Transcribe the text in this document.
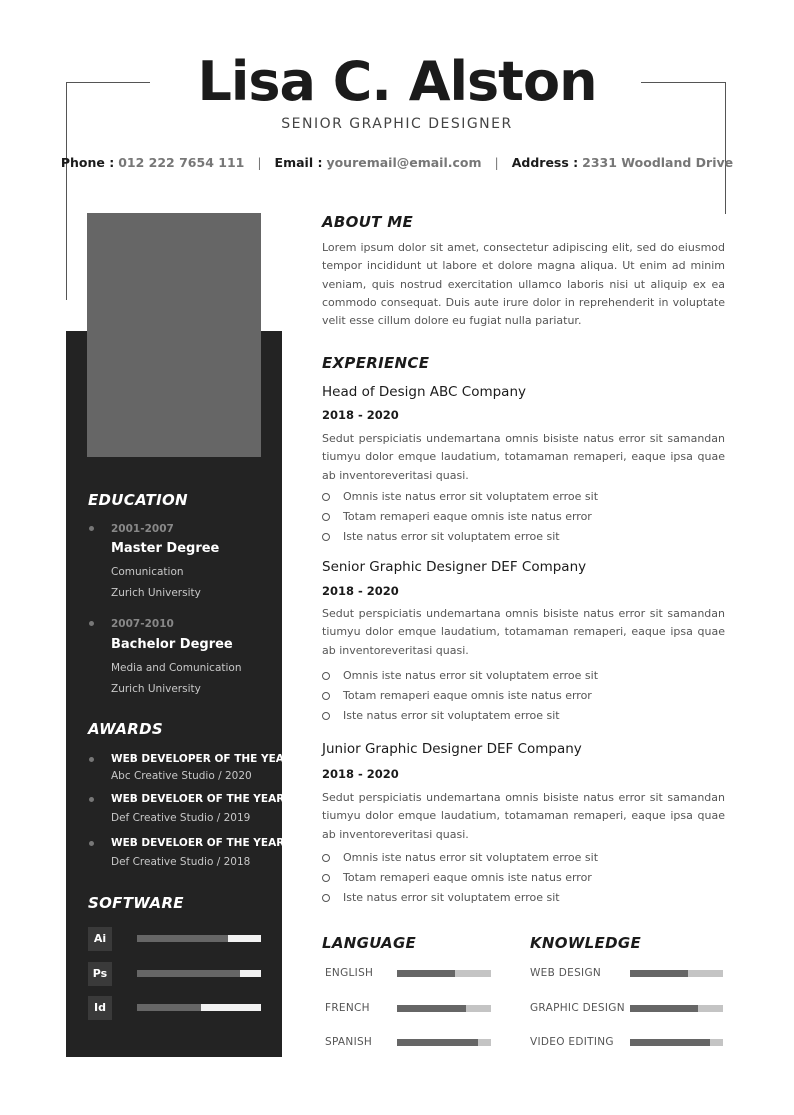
Lisa C. Alston
SENIOR GRAPHIC DESIGNER
Phone : 012 222 7654 111 | Email : youremail@email.com | Address : 2331 Woodland Drive
EDUCATION
2001-2007
Master Degree
Comunication
Zurich University
2007-2010
Bachelor Degree
Media and Comunication
Zurich University
AWARDS
WEB DEVELOPER OF THE YEAR
Abc Creative Studio / 2020
WEB DEVELOER OF THE YEAR
Def Creative Studio / 2019
WEB DEVELOER OF THE YEAR
Def Creative Studio / 2018
SOFTWARE
Ai
Ps
Id
ABOUT ME
Lorem ipsum dolor sit amet, consectetur adipiscing elit, sed do eiusmod tempor incididunt ut labore et dolore magna aliqua. Ut enim ad minim veniam, quis nostrud exercitation ullamco laboris nisi ut aliquip ex ea commodo consequat. Duis aute irure dolor in reprehenderit in voluptate velit esse cillum dolore eu fugiat nulla pariatur.
EXPERIENCE
Head of Design ABC Company
2018 - 2020
Sedut perspiciatis undemartana omnis bisiste natus error sit samandan tiumyu dolor emque laudatium, totamaman remaperi, eaque ipsa quae ab inventoreveritasi quasi.
Omnis iste natus error sit voluptatem erroe sit
Totam remaperi eaque omnis iste natus error
Iste natus error sit voluptatem erroe sit
Senior Graphic Designer DEF Company
2018 - 2020
Sedut perspiciatis undemartana omnis bisiste natus error sit samandan tiumyu dolor emque laudatium, totamaman remaperi, eaque ipsa quae ab inventoreveritasi quasi.
Omnis iste natus error sit voluptatem erroe sit
Totam remaperi eaque omnis iste natus error
Iste natus error sit voluptatem erroe sit
Junior Graphic Designer DEF Company
2018 - 2020
Sedut perspiciatis undemartana omnis bisiste natus error sit samandan tiumyu dolor emque laudatium, totamaman remaperi, eaque ipsa quae ab inventoreveritasi quasi.
Omnis iste natus error sit voluptatem erroe sit
Totam remaperi eaque omnis iste natus error
Iste natus error sit voluptatem erroe sit
LANGUAGE
ENGLISH
FRENCH
SPANISH
KNOWLEDGE
WEB DESIGN
GRAPHIC DESIGN
VIDEO EDITING
